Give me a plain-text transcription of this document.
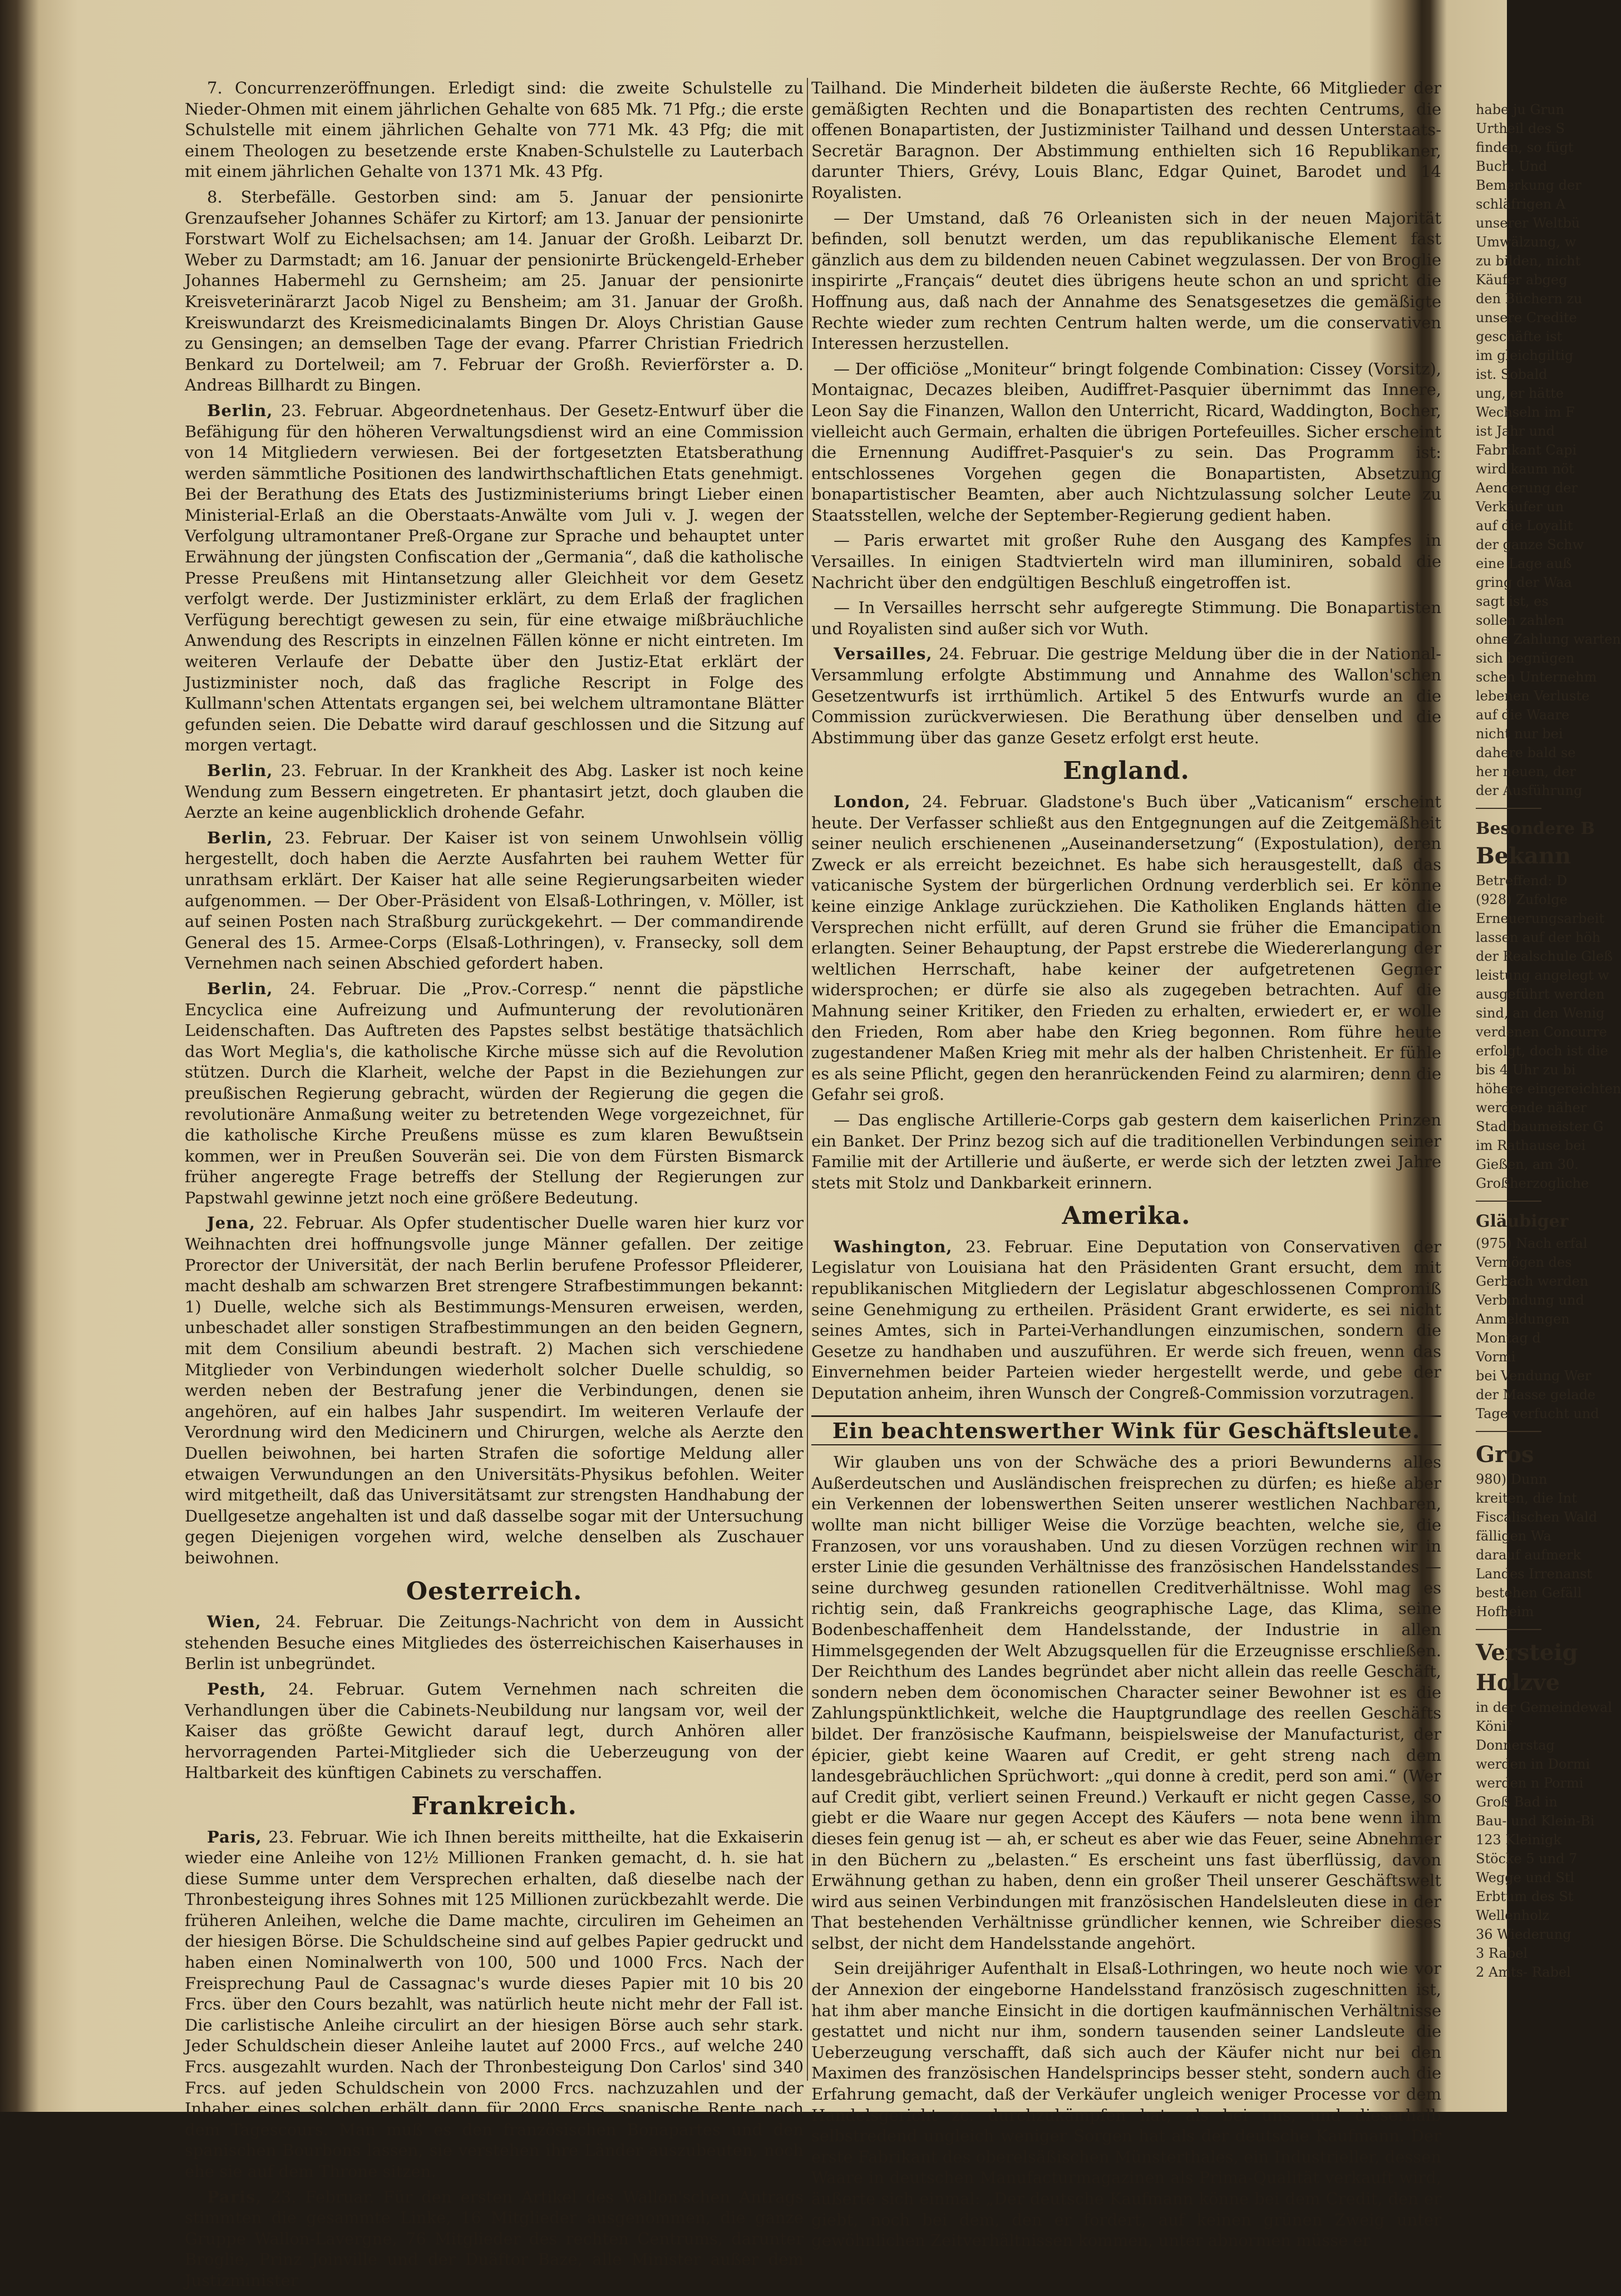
7. Concurrenzeröffnungen. Erledigt sind: die zweite Schulstelle zu Nieder-Ohmen mit einem jährlichen Gehalte von 685 Mk. 71 Pfg.; die erste Schulstelle mit einem jährlichen Gehalte von 771 Mk. 43 Pfg; die mit einem Theologen zu besetzende erste Knaben-Schulstelle zu Lauterbach mit einem jährlichen Gehalte von 1371 Mk. 43 Pfg.

8. Sterbefälle. Gestorben sind: am 5. Januar der pensionirte Grenzaufseher Johannes Schäfer zu Kirtorf; am 13. Januar der pensionirte Forstwart Wolf zu Eichelsachsen; am 14. Januar der Großh. Leibarzt Dr. Weber zu Darmstadt; am 16. Januar der pensionirte Brückengeld-Erheber Johannes Habermehl zu Gernsheim; am 25. Januar der pensionirte Kreisveterinärarzt Jacob Nigel zu Bensheim; am 31. Januar der Großh. Kreiswundarzt des Kreismedicinalamts Bingen Dr. Aloys Christian Gause zu Gensingen; an demselben Tage der evang. Pfarrer Christian Friedrich Benkard zu Dortelweil; am 7. Februar der Großh. Revierförster a. D. Andreas Billhardt zu Bingen.

Berlin, 23. Februar. Abgeordnetenhaus. Der Gesetz-Entwurf über die Befähigung für den höheren Verwaltungsdienst wird an eine Commission von 14 Mitgliedern verwiesen. Bei der fortgesetzten Etatsberathung werden sämmtliche Positionen des landwirthschaftlichen Etats genehmigt. Bei der Berathung des Etats des Justizministeriums bringt Lieber einen Ministerial-Erlaß an die Oberstaats-Anwälte vom Juli v. J. wegen der Verfolgung ultramontaner Preß-Organe zur Sprache und behauptet unter Erwähnung der jüngsten Confiscation der „Germania“, daß die katholische Presse Preußens mit Hintansetzung aller Gleichheit vor dem Gesetz verfolgt werde. Der Justizminister erklärt, zu dem Erlaß der fraglichen Verfügung berechtigt gewesen zu sein, für eine etwaige mißbräuchliche Anwendung des Rescripts in einzelnen Fällen könne er nicht eintreten. Im weiteren Verlaufe der Debatte über den Justiz-Etat erklärt der Justizminister noch, daß das fragliche Rescript in Folge des Kullmann'schen Attentats ergangen sei, bei welchem ultramontane Blätter gefunden seien. Die Debatte wird darauf geschlossen und die Sitzung auf morgen vertagt.

Berlin, 23. Februar. In der Krankheit des Abg. Lasker ist noch keine Wendung zum Bessern eingetreten. Er phantasirt jetzt, doch glauben die Aerzte an keine augenblicklich drohende Gefahr.

Berlin, 23. Februar. Der Kaiser ist von seinem Unwohlsein völlig hergestellt, doch haben die Aerzte Ausfahrten bei rauhem Wetter für unrathsam erklärt. Der Kaiser hat alle seine Regierungsarbeiten wieder aufgenommen. — Der Ober-Präsident von Elsaß-Lothringen, v. Möller, ist auf seinen Posten nach Straßburg zurückgekehrt. — Der commandirende General des 15. Armee-Corps (Elsaß-Lothringen), v. Fransecky, soll dem Vernehmen nach seinen Abschied gefordert haben.

Berlin, 24. Februar. Die „Prov.-Corresp.“ nennt die päpstliche Encyclica eine Aufreizung und Aufmunterung der revolutionären Leidenschaften. Das Auftreten des Papstes selbst bestätige thatsächlich das Wort Meglia's, die katholische Kirche müsse sich auf die Revolution stützen. Durch die Klarheit, welche der Papst in die Beziehungen zur preußischen Regierung gebracht, würden der Regierung die gegen die revolutionäre Anmaßung weiter zu betretenden Wege vorgezeichnet, für die katholische Kirche Preußens müsse es zum klaren Bewußtsein kommen, wer in Preußen Souverän sei. Die von dem Fürsten Bismarck früher angeregte Frage betreffs der Stellung der Regierungen zur Papstwahl gewinne jetzt noch eine größere Bedeutung.

Jena, 22. Februar. Als Opfer studentischer Duelle waren hier kurz vor Weihnachten drei hoffnungsvolle junge Männer gefallen. Der zeitige Prorector der Universität, der nach Berlin berufene Professor Pfleiderer, macht deshalb am schwarzen Bret strengere Strafbestimmungen bekannt: 1) Duelle, welche sich als Bestimmungs-Mensuren erweisen, werden, unbeschadet aller sonstigen Strafbestimmungen an den beiden Gegnern, mit dem Consilium abeundi bestraft. 2) Machen sich verschiedene Mitglieder von Verbindungen wiederholt solcher Duelle schuldig, so werden neben der Bestrafung jener die Verbindungen, denen sie angehören, auf ein halbes Jahr suspendirt. Im weiteren Verlaufe der Verordnung wird den Medicinern und Chirurgen, welche als Aerzte den Duellen beiwohnen, bei harten Strafen die sofortige Meldung aller etwaigen Verwundungen an den Universitäts-Physikus befohlen. Weiter wird mitgetheilt, daß das Universitätsamt zur strengsten Handhabung der Duellgesetze angehalten ist und daß dasselbe sogar mit der Untersuchung gegen Diejenigen vorgehen wird, welche denselben als Zuschauer beiwohnen.

Oesterreich.

Wien, 24. Februar. Die Zeitungs-Nachricht von dem in Aussicht stehenden Besuche eines Mitgliedes des österreichischen Kaiserhauses in Berlin ist unbegründet.

Pesth, 24. Februar. Gutem Vernehmen nach schreiten die Verhandlungen über die Cabinets-Neubildung nur langsam vor, weil der Kaiser das größte Gewicht darauf legt, durch Anhören aller hervorragenden Partei-Mitglieder sich die Ueberzeugung von der Haltbarkeit des künftigen Cabinets zu verschaffen.

Frankreich.

Paris, 23. Februar. Wie ich Ihnen bereits mittheilte, hat die Exkaiserin wieder eine Anleihe von 12½ Millionen Franken gemacht, d. h. sie hat diese Summe unter dem Versprechen erhalten, daß dieselbe nach der Thronbesteigung ihres Sohnes mit 125 Millionen zurückbezahlt werde. Die früheren Anleihen, welche die Dame machte, circuliren im Geheimen an der hiesigen Börse. Die Schuldscheine sind auf gelbes Papier gedruckt und haben einen Nominalwerth von 100, 500 und 1000 Frcs. Nach der Freisprechung Paul de Cassagnac's wurde dieses Papier mit 10 bis 20 Frcs. über den Cours bezahlt, was natürlich heute nicht mehr der Fall ist. Die carlistische Anleihe circulirt an der hiesigen Börse auch sehr stark. Jeder Schuldschein dieser Anleihe lautet auf 2000 Frcs., auf welche 240 Frcs. ausgezahlt wurden. Nach der Thronbesteigung Don Carlos' sind 340 Frcs. auf jeden Schuldschein von 2000 Frcs. nachzuzahlen und der Inhaber eines solchen erhält dann für 2000 Frcs. spanische Rente nach dem Tagescours. Man muß es den französischen Bonapartes und den spanischen Bourbons lassen, sie verstehen ihre Länder auszubeuten, noch ehe sie auf dem Throne sitzen.

Paris, 23. Februar. Für den ersten Artikel des Wallon'schen Antrags stimmten die gesammte Linke, 16 Mitglieder ausgenommen, die ganze Gruppe Wallon-Lavergne, 76 Mitglieder des rechten Centrums, darunter Broglie, Prinz Joinville und der Duäftor Baze, alle Minister außer dem Justizminister

Tailhand. Die Minderheit bildeten die äußerste Rechte, 66 Mitglieder der gemäßigten Rechten und die Bonapartisten des rechten Centrums, die offenen Bonapartisten, der Justizminister Tailhand und dessen Unterstaats-Secretär Baragnon. Der Abstimmung enthielten sich 16 Republikaner, darunter Thiers, Grévy, Louis Blanc, Edgar Quinet, Barodet und 14 Royalisten.

— Der Umstand, daß 76 Orleanisten sich in der neuen Majorität befinden, soll benutzt werden, um das republikanische Element fast gänzlich aus dem zu bildenden neuen Cabinet wegzulassen. Der von Broglie inspirirte „Français“ deutet dies übrigens heute schon an und spricht die Hoffnung aus, daß nach der Annahme des Senatsgesetzes die gemäßigte Rechte wieder zum rechten Centrum halten werde, um die conservativen Interessen herzustellen.

— Der officiöse „Moniteur“ bringt folgende Combination: Cissey (Vorsitz), Montaignac, Decazes bleiben, Audiffret-Pasquier übernimmt das Innere, Leon Say die Finanzen, Wallon den Unterricht, Ricard, Waddington, Bocher, vielleicht auch Germain, erhalten die übrigen Portefeuilles. Sicher erscheint die Ernennung Audiffret-Pasquier's zu sein. Das Programm ist: entschlossenes Vorgehen gegen die Bonapartisten, Absetzung bonapartistischer Beamten, aber auch Nichtzulassung solcher Leute zu Staatsstellen, welche der September-Regierung gedient haben.

— Paris erwartet mit großer Ruhe den Ausgang des Kampfes in Versailles. In einigen Stadtvierteln wird man illuminiren, sobald die Nachricht über den endgültigen Beschluß eingetroffen ist.

— In Versailles herrscht sehr aufgeregte Stimmung. Die Bonapartisten und Royalisten sind außer sich vor Wuth.

Versailles, 24. Februar. Die gestrige Meldung über die in der National-Versammlung erfolgte Abstimmung und Annahme des Wallon'schen Gesetzentwurfs ist irrthümlich. Artikel 5 des Entwurfs wurde an die Commission zurückverwiesen. Die Berathung über denselben und die Abstimmung über das ganze Gesetz erfolgt erst heute.

England.

London, 24. Februar. Gladstone's Buch über „Vaticanism“ erscheint heute. Der Verfasser schließt aus den Entgegnungen auf die Zeitgemäßheit seiner neulich erschienenen „Auseinandersetzung“ (Expostulation), deren Zweck er als erreicht bezeichnet. Es habe sich herausgestellt, daß das vaticanische System der bürgerlichen Ordnung verderblich sei. Er könne keine einzige Anklage zurückziehen. Die Katholiken Englands hätten die Versprechen nicht erfüllt, auf deren Grund sie früher die Emancipation erlangten. Seiner Behauptung, der Papst erstrebe die Wiedererlangung der weltlichen Herrschaft, habe keiner der aufgetretenen Gegner widersprochen; er dürfe sie also als zugegeben betrachten. Auf die Mahnung seiner Kritiker, den Frieden zu erhalten, erwiedert er, er wolle den Frieden, Rom aber habe den Krieg begonnen. Rom führe heute zugestandener Maßen Krieg mit mehr als der halben Christenheit. Er fühle es als seine Pflicht, gegen den heranrückenden Feind zu alarmiren; denn die Gefahr sei groß.

— Das englische Artillerie-Corps gab gestern dem kaiserlichen Prinzen ein Banket. Der Prinz bezog sich auf die traditionellen Verbindungen seiner Familie mit der Artillerie und äußerte, er werde sich der letzten zwei Jahre stets mit Stolz und Dankbarkeit erinnern.

Amerika.

Washington, 23. Februar. Eine Deputation von Conservativen der Legislatur von Louisiana hat den Präsidenten Grant ersucht, dem mit republikanischen Mitgliedern der Legislatur abgeschlossenen Compromiß seine Genehmigung zu ertheilen. Präsident Grant erwiderte, es sei nicht seines Amtes, sich in Partei-Verhandlungen einzumischen, sondern die Gesetze zu handhaben und auszuführen. Er werde sich freuen, wenn das Einvernehmen beider Parteien wieder hergestellt werde, und gebe der Deputation anheim, ihren Wunsch der Congreß-Commission vorzutragen.

Ein beachtenswerther Wink für Geschäftsleute.

Wir glauben uns von der Schwäche des a priori Bewunderns alles Außerdeutschen und Ausländischen freisprechen zu dürfen; es hieße aber ein Verkennen der lobenswerthen Seiten unserer westlichen Nachbaren, wollte man nicht billiger Weise die Vorzüge beachten, welche sie, die Franzosen, vor uns voraushaben. Und zu diesen Vorzügen rechnen wir in erster Linie die gesunden Verhältnisse des französischen Handelsstandes — seine durchweg gesunden rationellen Creditverhältnisse. Wohl mag es richtig sein, daß Frankreichs geographische Lage, das Klima, seine Bodenbeschaffenheit dem Handelsstande, der Industrie in allen Himmelsgegenden der Welt Abzugsquellen für die Erzeugnisse erschließen. Der Reichthum des Landes begründet aber nicht allein das reelle Geschäft, sondern neben dem öconomischen Character seiner Bewohner ist es die Zahlungspünktlichkeit, welche die Hauptgrundlage des reellen Geschäfts bildet. Der französische Kaufmann, beispielsweise der Manufacturist, der épicier, giebt keine Waaren auf Credit, er geht streng nach dem landesgebräuchlichen Sprüchwort: „qui donne à credit, perd son ami.“ (Wer auf Credit gibt, verliert seinen Freund.) Verkauft er nicht gegen Casse, so giebt er die Waare nur gegen Accept des Käufers — nota bene wenn ihm dieses fein genug ist — ah, er scheut es aber wie das Feuer, seine Abnehmer in den Büchern zu „belasten.“ Es erscheint uns fast überflüssig, davon Erwähnung gethan zu haben, denn ein großer Theil unserer Geschäftswelt wird aus seinen Verbindungen mit französischen Handelsleuten diese in der That bestehenden Verhältnisse gründlicher kennen, wie Schreiber dieses selbst, der nicht dem Handelsstande angehört.

Sein dreijähriger Aufenthalt in Elsaß-Lothringen, wo heute noch wie vor der Annexion der eingeborne Handelsstand französisch zugeschnitten ist, hat ihm aber manche Einsicht in die dortigen kaufmännischen Verhältnisse gestattet und nicht nur ihm, sondern tausenden seiner Landsleute die Ueberzeugung verschafft, daß sich auch der Käufer nicht nur bei den Maximen des französischen Handelsprincips besser steht, sondern auch die Erfahrung gemacht, daß der Verkäufer ungleich weniger Processe vor dem Handelsgericht zc. durchzukämpfen hat, als bei uns, und dieserhalb selbstredend ungleich weniger Sorgen hat als der deutsche Kaufmann. Der erste Fabrikant des oberelsäßischen Münsterthales, ein Industrieller, dessen Waare in deutschen Manufacturmagazinen als Prima-Qualität verkauft wird, äußerte sich einmal: „Der deutsche Kaufmann könne bei dem Credit, den er giebt, noch bei dem, den er fordert, auf keinen grünen Zweig unter gewöhnlichen Zeitverhältnissen kommen, unter abnormen müsse er

habe ju Grun
Urtheil des S
finden, so fügt
Buch. Und
Bemerkung der
schläfrigen A
unserer Weltbü
Umwälzung, w
zu bilden, nicht
Käufer abgeg
den Büchern zu
unsere Credite
geschäfte ist
im gleichgiltig
ist. Sobald
ung, er hätte
Wechseln im F
ist Jahr und
Fabrikant Capi
wird kaum nöt
Aenderung der
Verkäufer un
auf die Loyalit
der ganze Schw
eine Lage auß
gring der Waa
sagt ist, es
sollen zahlen
ohne Zahlung warten
sich begnügen
schen Unternehm
lebenen Verluste
auf die Waare
nicht nur bei
dahere bald se
her neuen, der
der Ausführung
Besondere B
Bekann
Betreffend: D
(928) Zufolge
Erneuerungsarbeit
lassen auf der höh
der Realschule Gleß
leistung angelegt w
ausgeführt werden
sind, an den Wenig
verdenen Concurre
erfolgt, doch ist die
bis 4 Uhr zu bi
höhere eingereichten
werdende näher
Stadtbaumeister G
im Rathause bei
Gießen, am 30.
Großherzogliche
Gläubiger
(975) Nach erfal
Vermögen des
Gerbach werden
Verbindung und
Anmeldungen
Montag d
Vormi
bei Vendung Wer
der Masse gelade
Tage verfucht und
Gros
980) Dunn
kreiten, die Int
Fiscalischen Wald
fälligen Wa
darauf aufmerk
Landes Irrenanst
bestehen Gefäll
Hofheim
Versteig
Holzve
in der Gemeindewal
Könif
Donnerstag
werden in Dormi
werden n Pormi
Groß Bad in
Bau- und Klein-Bi
123 Kleinigk
Stöcke 5 und 7
Wegge und Stl
Erbtum des St
Wellenholz
36 Wiederung
3 Rabel
2 Amts- Rabel
